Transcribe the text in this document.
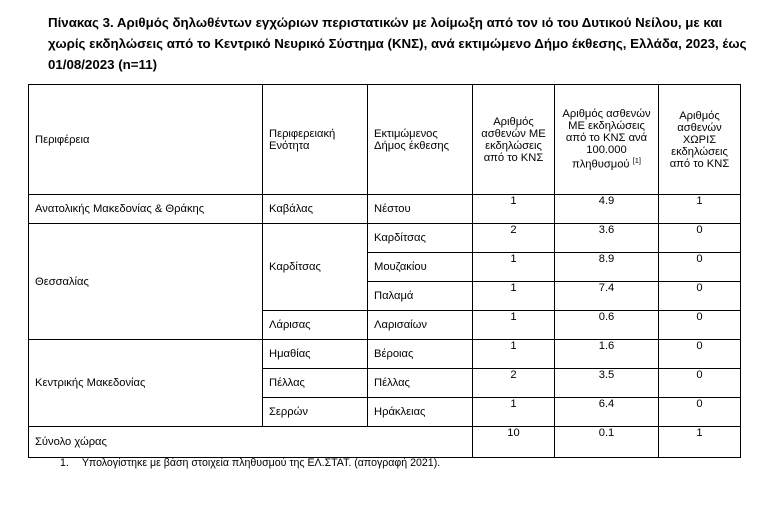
Πίνακας 3. Αριθμός δηλωθέντων εγχώριων περιστατικών με λοίμωξη από τον ιό του Δυτικού Νείλου, με και χωρίς εκδηλώσεις από το Κεντρικό Νευρικό Σύστημα (ΚΝΣ), ανά εκτιμώμενο Δήμο έκθεσης, Ελλάδα, 2023, έως 01/08/2023 (n=11)
Περιφέρεια	Περιφερειακή Ενότητα	Εκτιμώμενος Δήμος έκθεσης	Αριθμός ασθενών ΜΕ εκδηλώσεις από το ΚΝΣ	Αριθμός ασθενών ΜΕ εκδηλώσεις από το ΚΝΣ ανά 100.000 πληθυσμού [1]	Αριθμός ασθενών ΧΩΡΙΣ εκδηλώσεις από το ΚΝΣ
Ανατολικής Μακεδονίας & Θράκης	Καβάλας	Νέστου	1	4.9	1
Θεσσαλίας	Καρδίτσας	Καρδίτσας	2	3.6	0
		Μουζακίου	1	8.9	0
		Παλαμά	1	7.4	0
	Λάρισας	Λαρισαίων	1	0.6	0
Κεντρικής Μακεδονίας	Ημαθίας	Βέροιας	1	1.6	0
	Πέλλας	Πέλλας	2	3.5	0
	Σερρών	Ηράκλειας	1	6.4	0
Σύνολο χώρας			10	0.1	1
1. Υπολογίστηκε με βάση στοιχεία πληθυσμού της ΕΛ.ΣΤΑΤ. (απογραφή 2021).
